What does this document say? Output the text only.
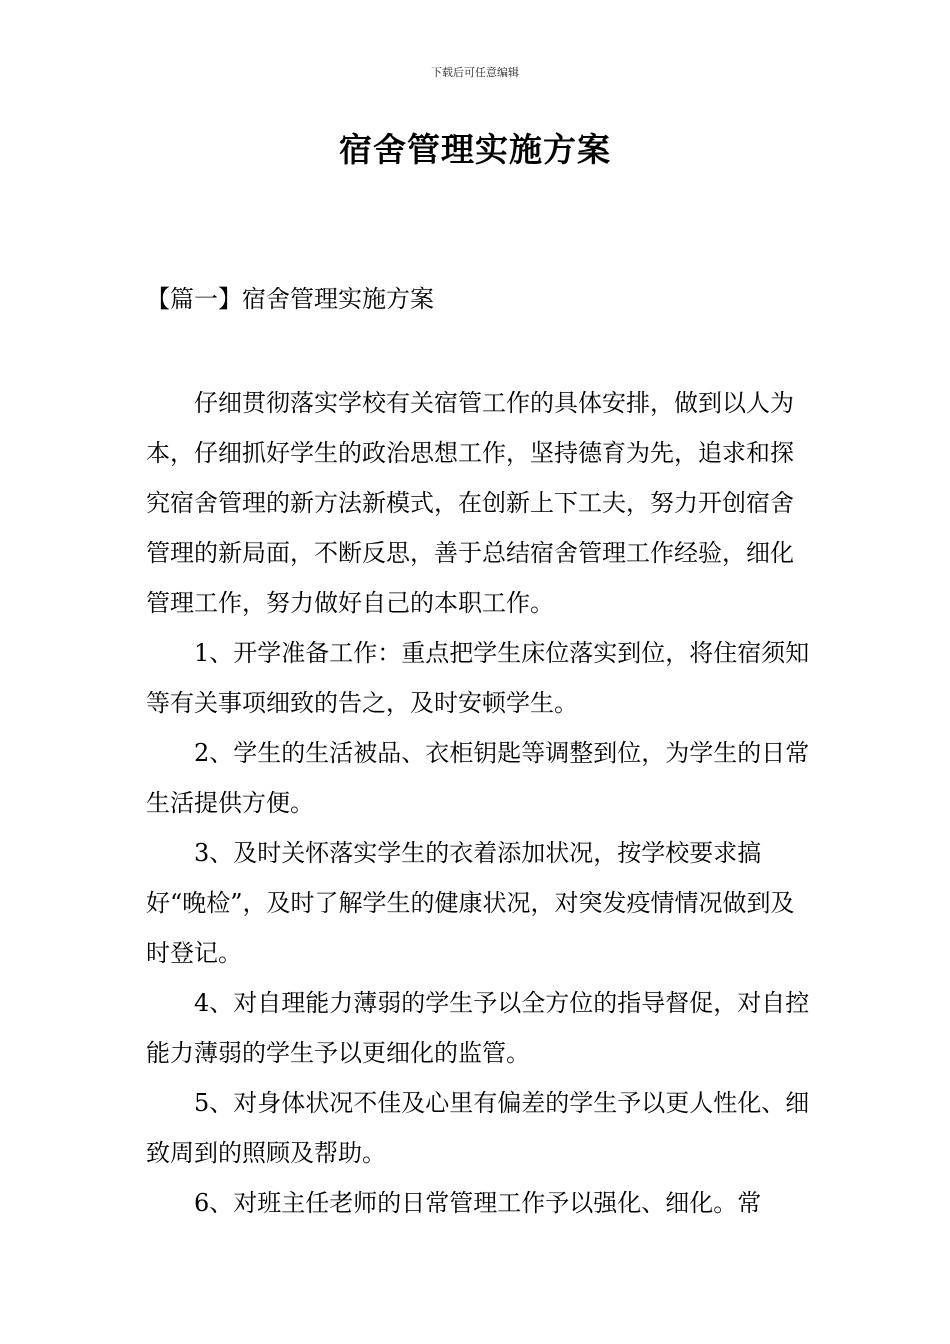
下载后可任意编辑
宿舍管理实施方案
【篇一】宿舍管理实施方案

仔细贯彻落实学校有关宿管工作的具体安排，做到以人为本，仔细抓好学生的政治思想工作，坚持德育为先，追求和探究宿舍管理的新方法新模式，在创新上下工夫，努力开创宿舍管理的新局面，不断反思，善于总结宿舍管理工作经验，细化管理工作，努力做好自己的本职工作。

1、开学准备工作：重点把学生床位落实到位，将住宿须知等有关事项细致的告之，及时安顿学生。

2、学生的生活被品、衣柜钥匙等调整到位，为学生的日常生活提供方便。

3、及时关怀落实学生的衣着添加状况，按学校要求搞好“晚检”，及时了解学生的健康状况，对突发疫情情况做到及时登记。

4、对自理能力薄弱的学生予以全方位的指导督促，对自控能力薄弱的学生予以更细化的监管。

5、对身体状况不佳及心里有偏差的学生予以更人性化、细致周到的照顾及帮助。

6、对班主任老师的日常管理工作予以强化、细化。常
